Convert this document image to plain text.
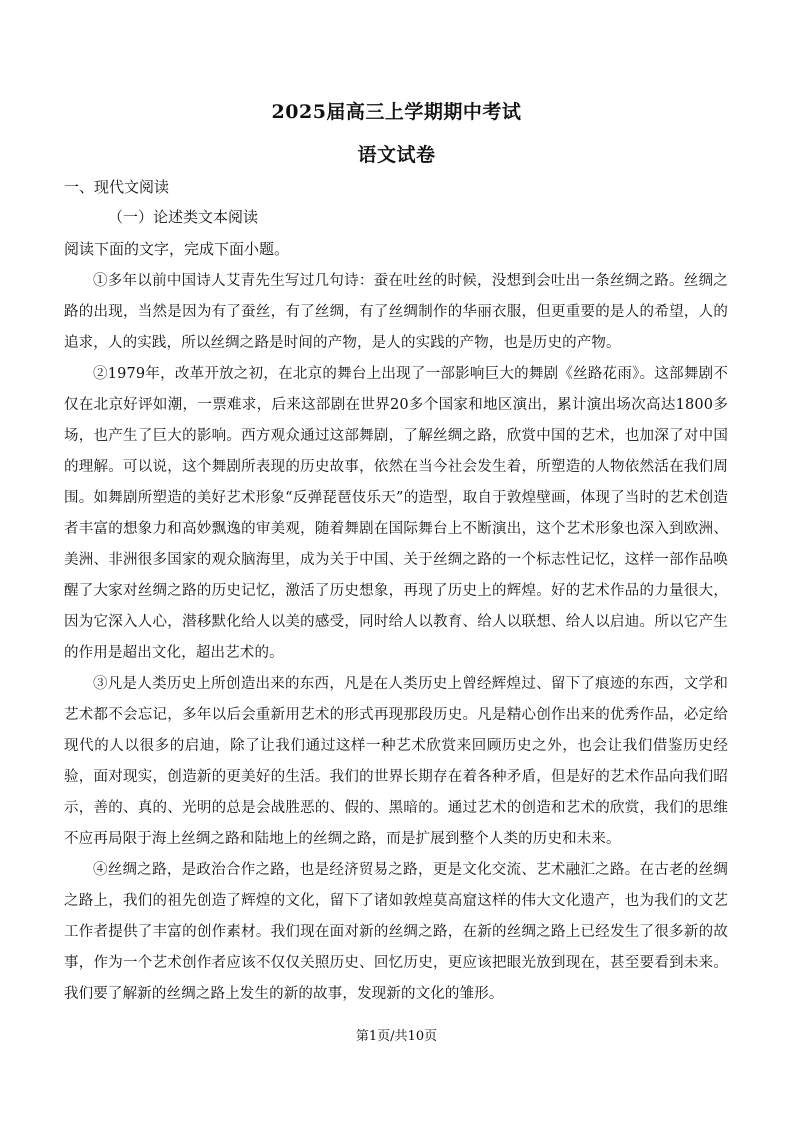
2025届高三上学期期中考试
语文试卷
一、现代文阅读
（一）论述类文本阅读
阅读下面的文字，完成下面小题。

①多年以前中国诗人艾青先生写过几句诗：蚕在吐丝的时候，没想到会吐出一条丝绸之路。丝绸之路的出现，当然是因为有了蚕丝，有了丝绸，有了丝绸制作的华丽衣服，但更重要的是人的希望，人的追求，人的实践，所以丝绸之路是时间的产物，是人的实践的产物，也是历史的产物。

②1979年，改革开放之初，在北京的舞台上出现了一部影响巨大的舞剧《丝路花雨》。这部舞剧不仅在北京好评如潮，一票难求，后来这部剧在世界20多个国家和地区演出，累计演出场次高达1800多场，也产生了巨大的影响。西方观众通过这部舞剧，了解丝绸之路，欣赏中国的艺术，也加深了对中国的理解。可以说，这个舞剧所表现的历史故事，依然在当今社会发生着，所塑造的人物依然活在我们周围。如舞剧所塑造的美好艺术形象“反弹琵琶伎乐天”的造型，取自于敦煌壁画，体现了当时的艺术创造者丰富的想象力和高妙飘逸的审美观，随着舞剧在国际舞台上不断演出，这个艺术形象也深入到欧洲、美洲、非洲很多国家的观众脑海里，成为关于中国、关于丝绸之路的一个标志性记忆，这样一部作品唤醒了大家对丝绸之路的历史记忆，激活了历史想象，再现了历史上的辉煌。好的艺术作品的力量很大，因为它深入人心，潜移默化给人以美的感受，同时给人以教育、给人以联想、给人以启迪。所以它产生的作用是超出文化，超出艺术的。

③凡是人类历史上所创造出来的东西，凡是在人类历史上曾经辉煌过、留下了痕迹的东西，文学和艺术都不会忘记，多年以后会重新用艺术的形式再现那段历史。凡是精心创作出来的优秀作品，必定给现代的人以很多的启迪，除了让我们通过这样一种艺术欣赏来回顾历史之外，也会让我们借鉴历史经验，面对现实，创造新的更美好的生活。我们的世界长期存在着各种矛盾，但是好的艺术作品向我们昭示，善的、真的、光明的总是会战胜恶的、假的、黑暗的。通过艺术的创造和艺术的欣赏，我们的思维不应再局限于海上丝绸之路和陆地上的丝绸之路，而是扩展到整个人类的历史和未来。

④丝绸之路，是政治合作之路，也是经济贸易之路，更是文化交流、艺术融汇之路。在古老的丝绸之路上，我们的祖先创造了辉煌的文化，留下了诸如敦煌莫高窟这样的伟大文化遗产，也为我们的文艺工作者提供了丰富的创作素材。我们现在面对新的丝绸之路，在新的丝绸之路上已经发生了很多新的故事，作为一个艺术创作者应该不仅仅关照历史、回忆历史，更应该把眼光放到现在，甚至要看到未来。我们要了解新的丝绸之路上发生的新的故事，发现新的文化的雏形。

第1页/共10页
